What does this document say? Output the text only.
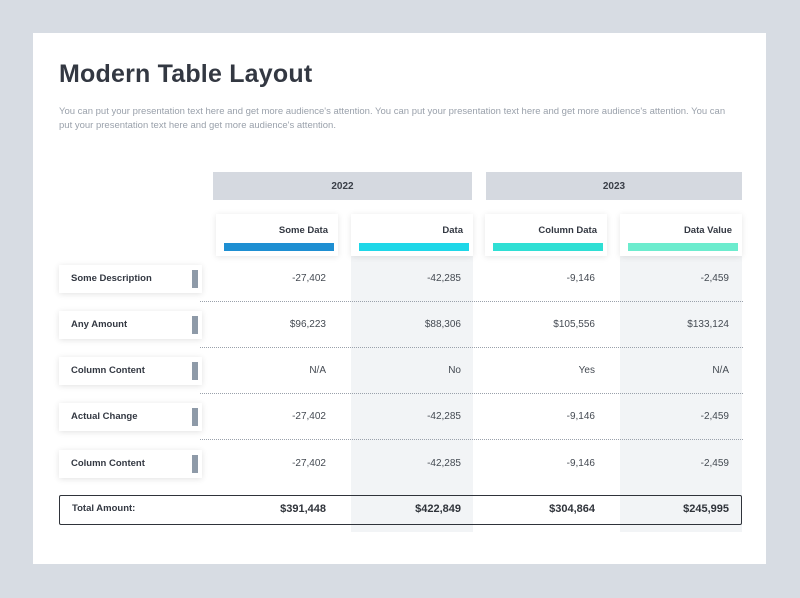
Modern Table Layout
You can put your presentation text here and get more audience's attention. You can put your presentation text here and get more audience's attention. You can put your presentation text here and get more audience's attention.
2022	2023
Some Data	Data	Column Data	Data Value
Some Description	-27,402	-42,285	-9,146	-2,459
Any Amount	$96,223	$88,306	$105,556	$133,124
Column Content	N/A	No	Yes	N/A
Actual Change	-27,402	-42,285	-9,146	-2,459
Column Content	-27,402	-42,285	-9,146	-2,459
Total Amount:	$391,448	$422,849	$304,864	$245,995
